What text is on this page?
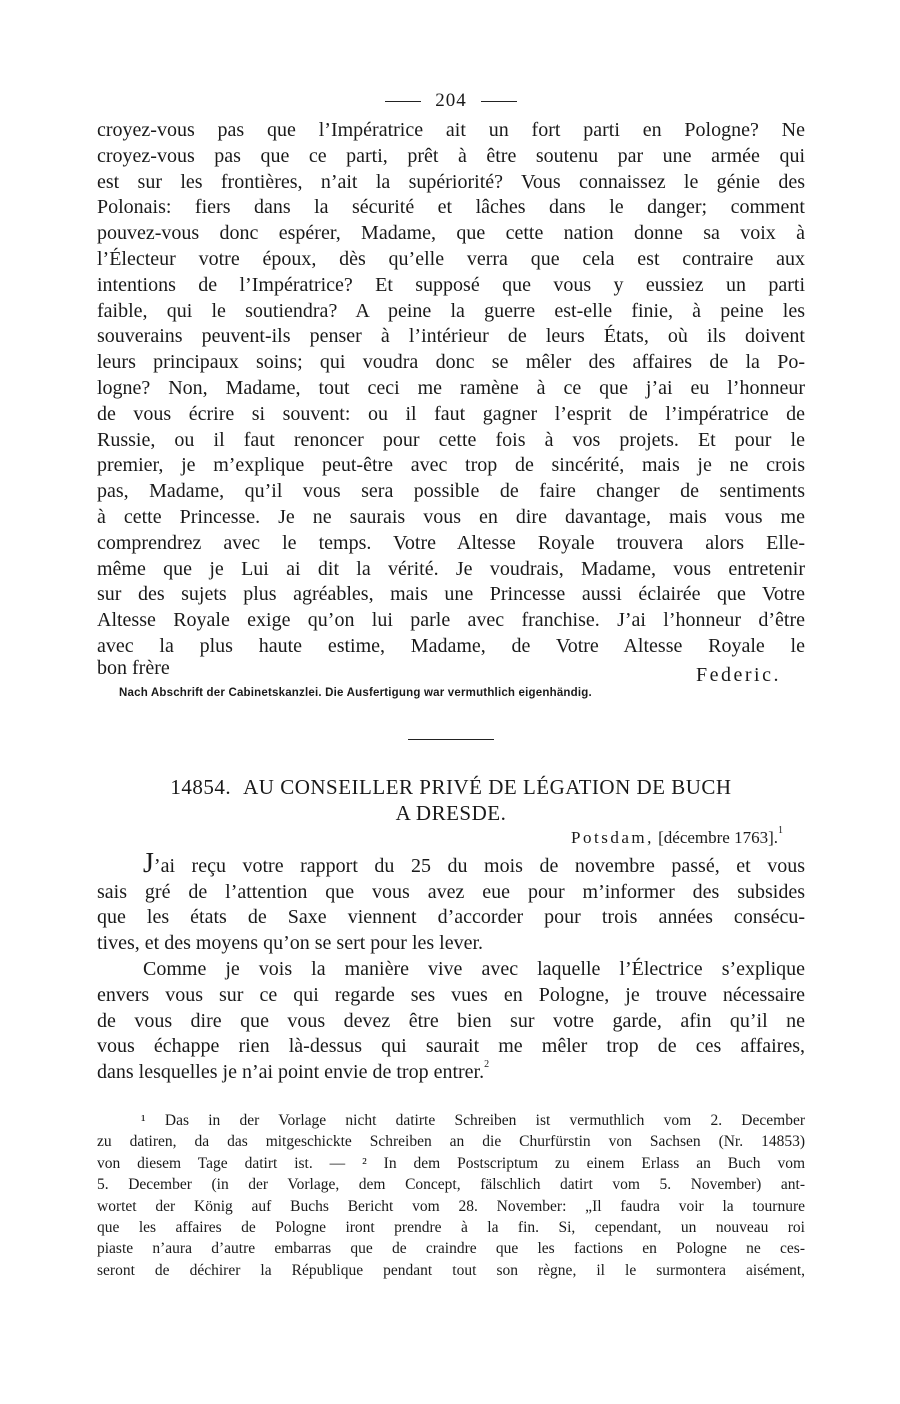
204
croyez-vous pas que l’Impératrice ait un fort parti en Pologne? Ne
croyez-vous pas que ce parti, prêt à être soutenu par une armée qui
est sur les frontières, n’ait la supériorité? Vous connaissez le génie des
Polonais: fiers dans la sécurité et lâches dans le danger; comment
pouvez-vous donc espérer, Madame, que cette nation donne sa voix à
l’Électeur votre époux, dès qu’elle verra que cela est contraire aux
intentions de l’Impératrice? Et supposé que vous y eussiez un parti
faible, qui le soutiendra? A peine la guerre est-elle finie, à peine les
souverains peuvent-ils penser à l’intérieur de leurs États, où ils doivent
leurs principaux soins; qui voudra donc se mêler des affaires de la Po-
logne? Non, Madame, tout ceci me ramène à ce que j’ai eu l’honneur
de vous écrire si souvent: ou il faut gagner l’esprit de l’impératrice de
Russie, ou il faut renoncer pour cette fois à vos projets. Et pour le
premier, je m’explique peut-être avec trop de sincérité, mais je ne crois
pas, Madame, qu’il vous sera possible de faire changer de sentiments
à cette Princesse. Je ne saurais vous en dire davantage, mais vous me
comprendrez avec le temps. Votre Altesse Royale trouvera alors Elle-
même que je Lui ai dit la vérité. Je voudrais, Madame, vous entretenir
sur des sujets plus agréables, mais une Princesse aussi éclairée que Votre
Altesse Royale exige qu’on lui parle avec franchise. J’ai l’honneur d’être
avec la plus haute estime, Madame, de Votre Altesse Royale le
bon frère	Federic.
Nach Abschrift der Cabinetskanzlei. Die Ausfertigung war vermuthlich eigenhändig.
14854. AU CONSEILLER PRIVÉ DE LÉGATION DE BUCH
A DRESDE.
Potsdam, [décembre 1763].$^1$
J’ai reçu votre rapport du 25 du mois de novembre passé, et vous
sais gré de l’attention que vous avez eue pour m’informer des subsides
que les états de Saxe viennent d’accorder pour trois années consécu-
tives, et des moyens qu’on se sert pour les lever.
Comme je vois la manière vive avec laquelle l’Électrice s’explique
envers vous sur ce qui regarde ses vues en Pologne, je trouve nécessaire
de vous dire que vous devez être bien sur votre garde, afin qu’il ne
vous échappe rien là-dessus qui saurait me mêler trop de ces affaires,
dans lesquelles je n’ai point envie de trop entrer.$^2$
¹ Das in der Vorlage nicht datirte Schreiben ist vermuthlich vom 2. December
zu datiren, da das mitgeschickte Schreiben an die Churfürstin von Sachsen (Nr. 14853)
von diesem Tage datirt ist. — ² In dem Postscriptum zu einem Erlass an Buch vom
5. December (in der Vorlage, dem Concept, fälschlich datirt vom 5. November) ant-
wortet der König auf Buchs Bericht vom 28. November: „Il faudra voir la tournure
que les affaires de Pologne iront prendre à la fin. Si, cependant, un nouveau roi
piaste n’aura d’autre embarras que de craindre que les factions en Pologne ne ces-
seront de déchirer la République pendant tout son règne, il le surmontera aisément,
